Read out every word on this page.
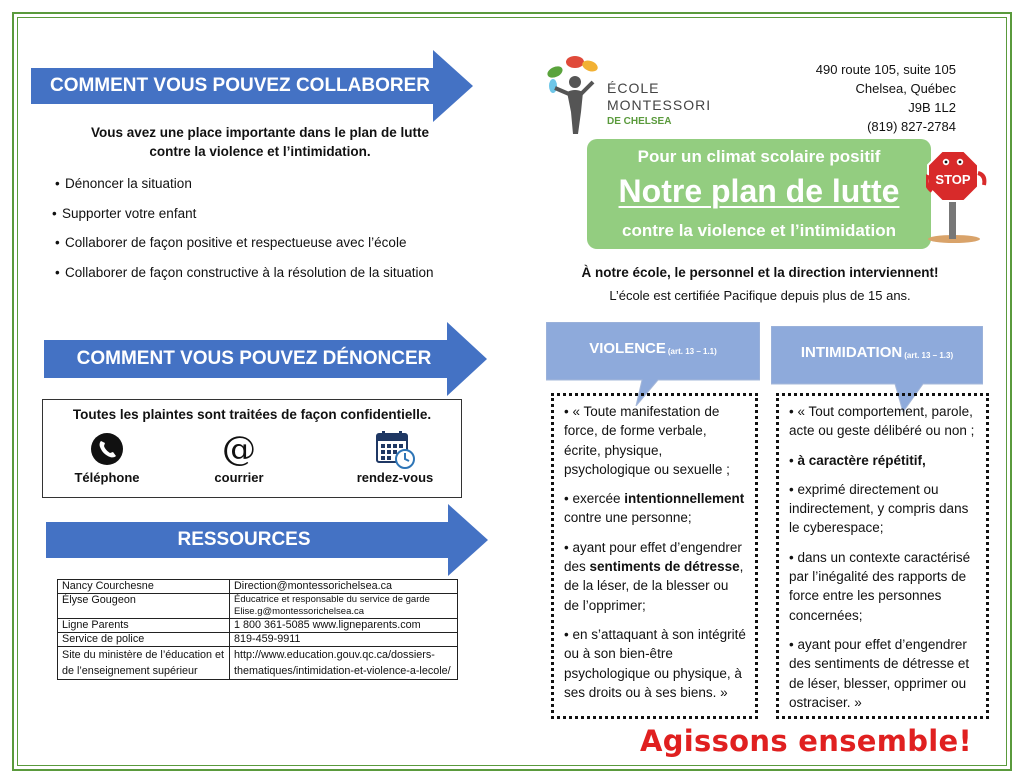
COMMENT VOUS POUVEZ COLLABORER
Vous avez une place importante dans le plan de lutte
contre la violence et l’intimidation.
• Dénoncer la situation
• Supporter votre enfant
• Collaborer de façon positive et respectueuse avec l’école
• Collaborer de façon constructive à la résolution de la situation
COMMENT VOUS POUVEZ DÉNONCER
Toutes les plaintes sont traitées de façon confidentielle.
Téléphone
@
courrier	rendez-vous
RESSOURCES
Nancy Courchesne	Direction@montessorichelsea.ca
Élyse Gougeon	Éducatrice et responsable du service de garde
Elise.g@montessorichelsea.ca

Ligne Parents	1 800 361-5085 www.ligneparents.com
Service de police	819-459-9911
Site du ministère de l’éducation et de l’enseignement supérieur	http://www.education.gouv.qc.ca/dossiers-thematiques/intimidation-et-violence-a-lecole/
ÉCOLE
MONTESSORI
DE CHELSEA
490 route 105, suite 105
Chelsea, Québec
J9B 1L2
(819) 827-2784
Pour un climat scolaire positif
Notre plan de lutte
contre la violence et l’intimidation
STOP
À notre école, le personnel et la direction interviennent!
L’école est certifiée Pacifique depuis plus de 15 ans.
VIOLENCE (art. 13 – 1.1)

• « Toute manifestation de force, de forme verbale, écrite, physique, psychologique ou sexuelle ;

• exercée intentionnellement contre une personne;

• ayant pour effet d’engendrer des sentiments de détresse, de la léser, de la blesser ou de l’opprimer;

• en s’attaquant à son intégrité ou à son bien-être psychologique ou physique, à ses droits ou à ses biens. »

INTIMIDATION (art. 13 – 1.3)

• « Tout comportement, parole, acte ou geste délibéré ou non ;

• à caractère répétitif,

• exprimé directement ou indirectement, y compris dans le cyberespace;

• dans un contexte caractérisé par l’inégalité des rapports de force entre les personnes concernées;

• ayant pour effet d’engendrer des sentiments de détresse et de léser, blesser, opprimer ou ostraciser. »

Agissons ensemble!
